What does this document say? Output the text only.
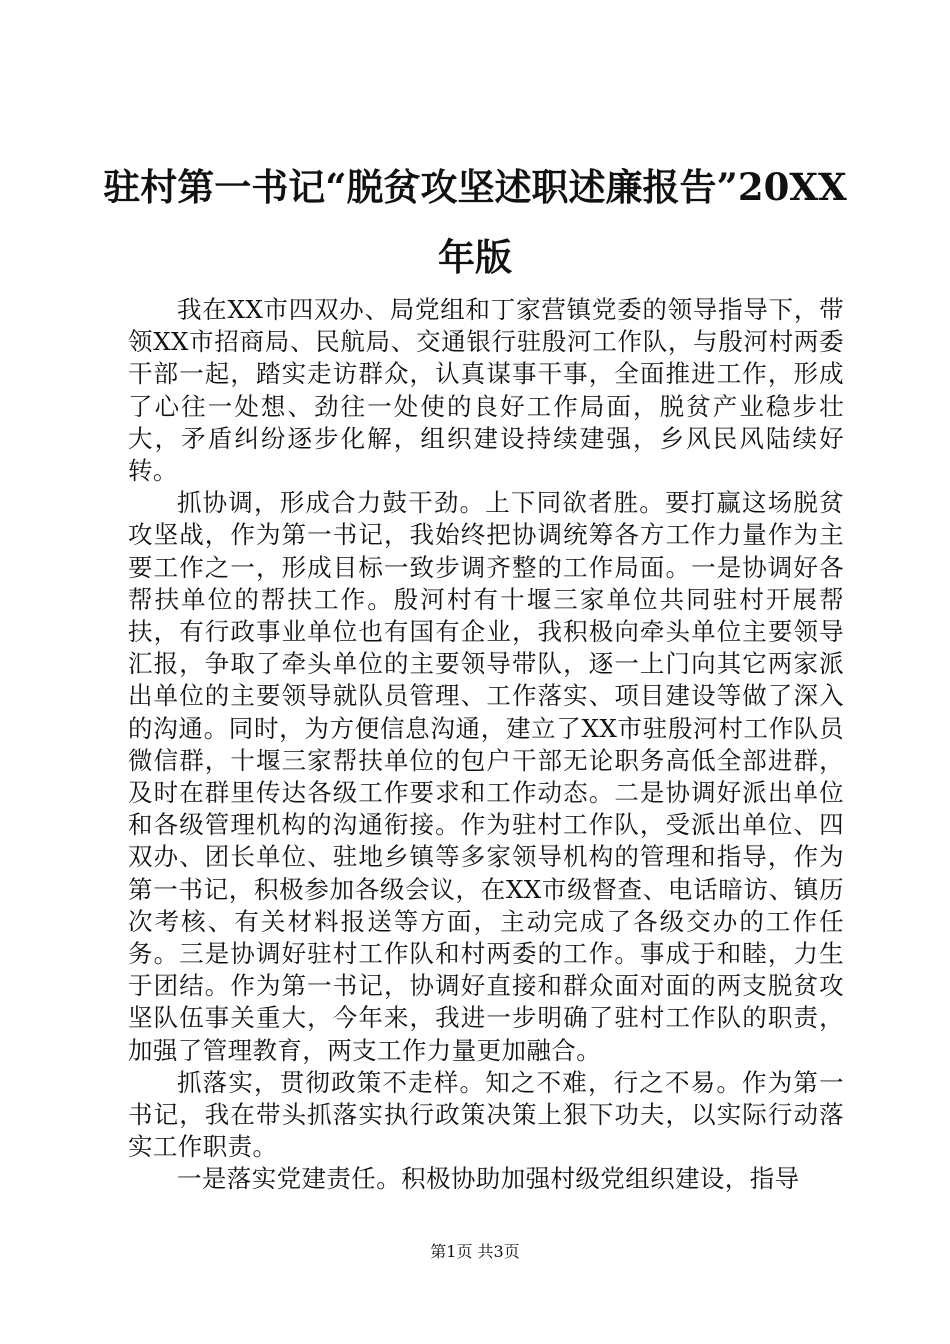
驻村第一书记“脱贫攻坚述职述廉报告”20XX
年版

我在XX市四双办、局党组和丁家营镇党委的领导指导下，带领XX市招商局、民航局、交通银行驻殷河工作队，与殷河村两委干部一起，踏实走访群众，认真谋事干事，全面推进工作，形成了心往一处想、劲往一处使的良好工作局面，脱贫产业稳步壮大，矛盾纠纷逐步化解，组织建设持续建强，乡风民风陆续好转。

抓协调，形成合力鼓干劲。上下同欲者胜。要打赢这场脱贫攻坚战，作为第一书记，我始终把协调统筹各方工作力量作为主要工作之一，形成目标一致步调齐整的工作局面。一是协调好各帮扶单位的帮扶工作。殷河村有十堰三家单位共同驻村开展帮扶，有行政事业单位也有国有企业，我积极向牵头单位主要领导汇报，争取了牵头单位的主要领导带队，逐一上门向其它两家派出单位的主要领导就队员管理、工作落实、项目建设等做了深入的沟通。同时，为方便信息沟通，建立了XX市驻殷河村工作队员微信群，十堰三家帮扶单位的包户干部无论职务高低全部进群，及时在群里传达各级工作要求和工作动态。二是协调好派出单位和各级管理机构的沟通衔接。作为驻村工作队，受派出单位、四双办、团长单位、驻地乡镇等多家领导机构的管理和指导，作为第一书记，积极参加各级会议，在XX市级督查、电话暗访、镇历次考核、有关材料报送等方面，主动完成了各级交办的工作任务。三是协调好驻村工作队和村两委的工作。事成于和睦，力生于团结。作为第一书记，协调好直接和群众面对面的两支脱贫攻坚队伍事关重大，今年来，我进一步明确了驻村工作队的职责，加强了管理教育，两支工作力量更加融合。

抓落实，贯彻政策不走样。知之不难，行之不易。作为第一书记，我在带头抓落实执行政策决策上狠下功夫，以实际行动落实工作职责。

一是落实党建责任。积极协助加强村级党组织建设，指导

第1页 共3页
